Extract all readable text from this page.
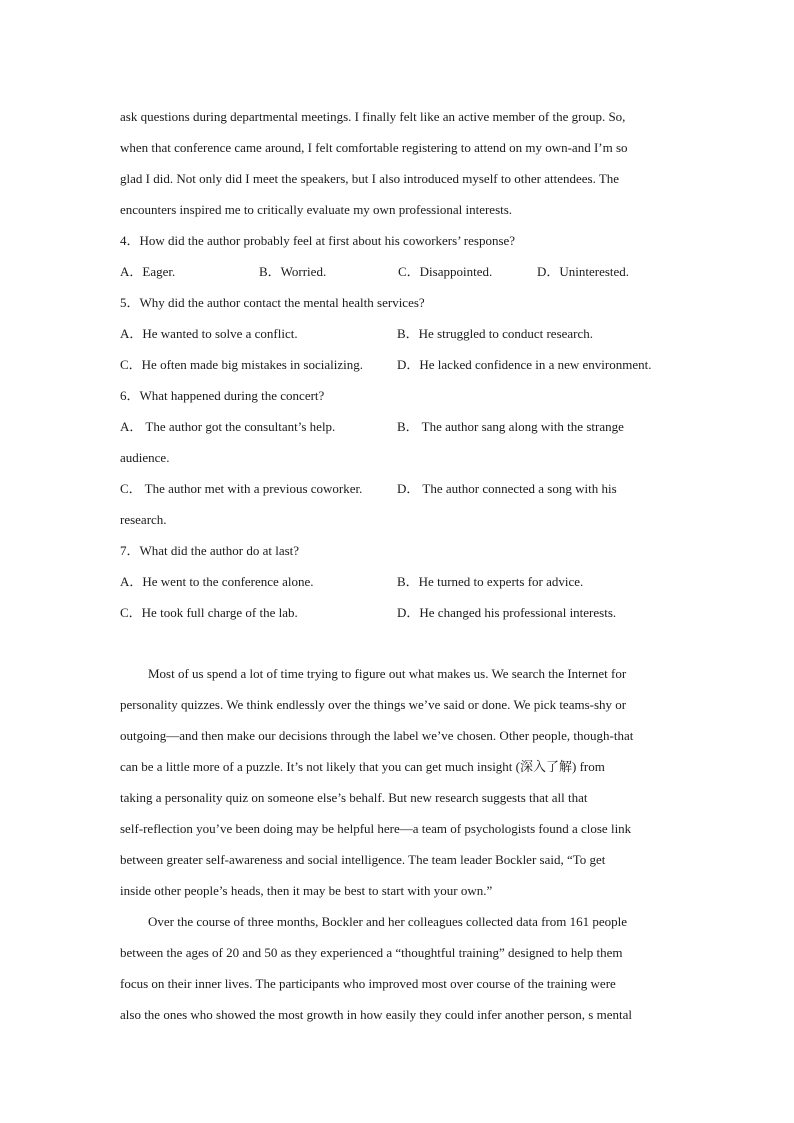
ask questions during departmental meetings. I finally felt like an active member of the group. So,
when that conference came around, I felt comfortable registering to attend on my own-and I’m so
glad I did. Not only did I meet the speakers, but I also introduced myself to other attendees. The
encounters inspired me to critically evaluate my own professional interests.
4．How did the author probably feel at first about his coworkers’ response?
A．Eager.	B．Worried.	C．Disappointed.	D．Uninterested.
5．Why did the author contact the mental health services?
A．He wanted to solve a conflict.	B．He struggled to conduct research.
C．He often made big mistakes in socializing.	D．He lacked confidence in a new environment.
6．What happened during the concert?
A． The author got the consultant’s help.	B． The author sang along with the strange
audience.
C． The author met with a previous coworker.	D． The author connected a song with his
research.
7．What did the author do at last?
A．He went to the conference alone.	B．He turned to experts for advice.
C．He took full charge of the lab.	D．He changed his professional interests.
Most of us spend a lot of time trying to figure out what makes us. We search the Internet for
personality quizzes. We think endlessly over the things we’ve said or done. We pick teams-shy or
outgoing—and then make our decisions through the label we’ve chosen. Other people, though-that
can be a little more of a puzzle. It’s not likely that you can get much insight (深入了解) from
taking a personality quiz on someone else’s behalf. But new research suggests that all that
self-reflection you’ve been doing may be helpful here—a team of psychologists found a close link
between greater self-awareness and social intelligence. The team leader Bockler said, “To get
inside other people’s heads, then it may be best to start with your own.”
Over the course of three months, Bockler and her colleagues collected data from 161 people
between the ages of 20 and 50 as they experienced a “thoughtful training” designed to help them
focus on their inner lives. The participants who improved most over course of the training were
also the ones who showed the most growth in how easily they could infer another person, s mental
